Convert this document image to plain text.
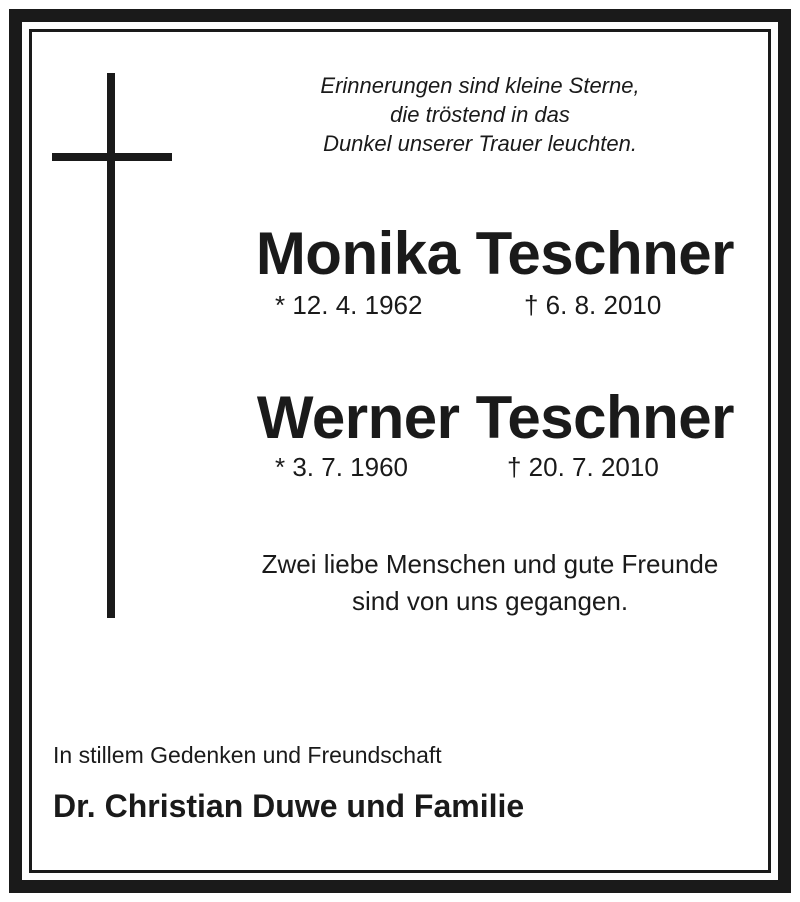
Erinnerungen sind kleine Sterne,
die tröstend in das
Dunkel unserer Trauer leuchten.
Monika Teschner
* 12. 4. 1962	† 6. 8. 2010
Werner Teschner
* 3. 7. 1960	† 20. 7. 2010
Zwei liebe Menschen und gute Freunde
sind von uns gegangen.
In stillem Gedenken und Freundschaft
Dr. Christian Duwe und Familie
